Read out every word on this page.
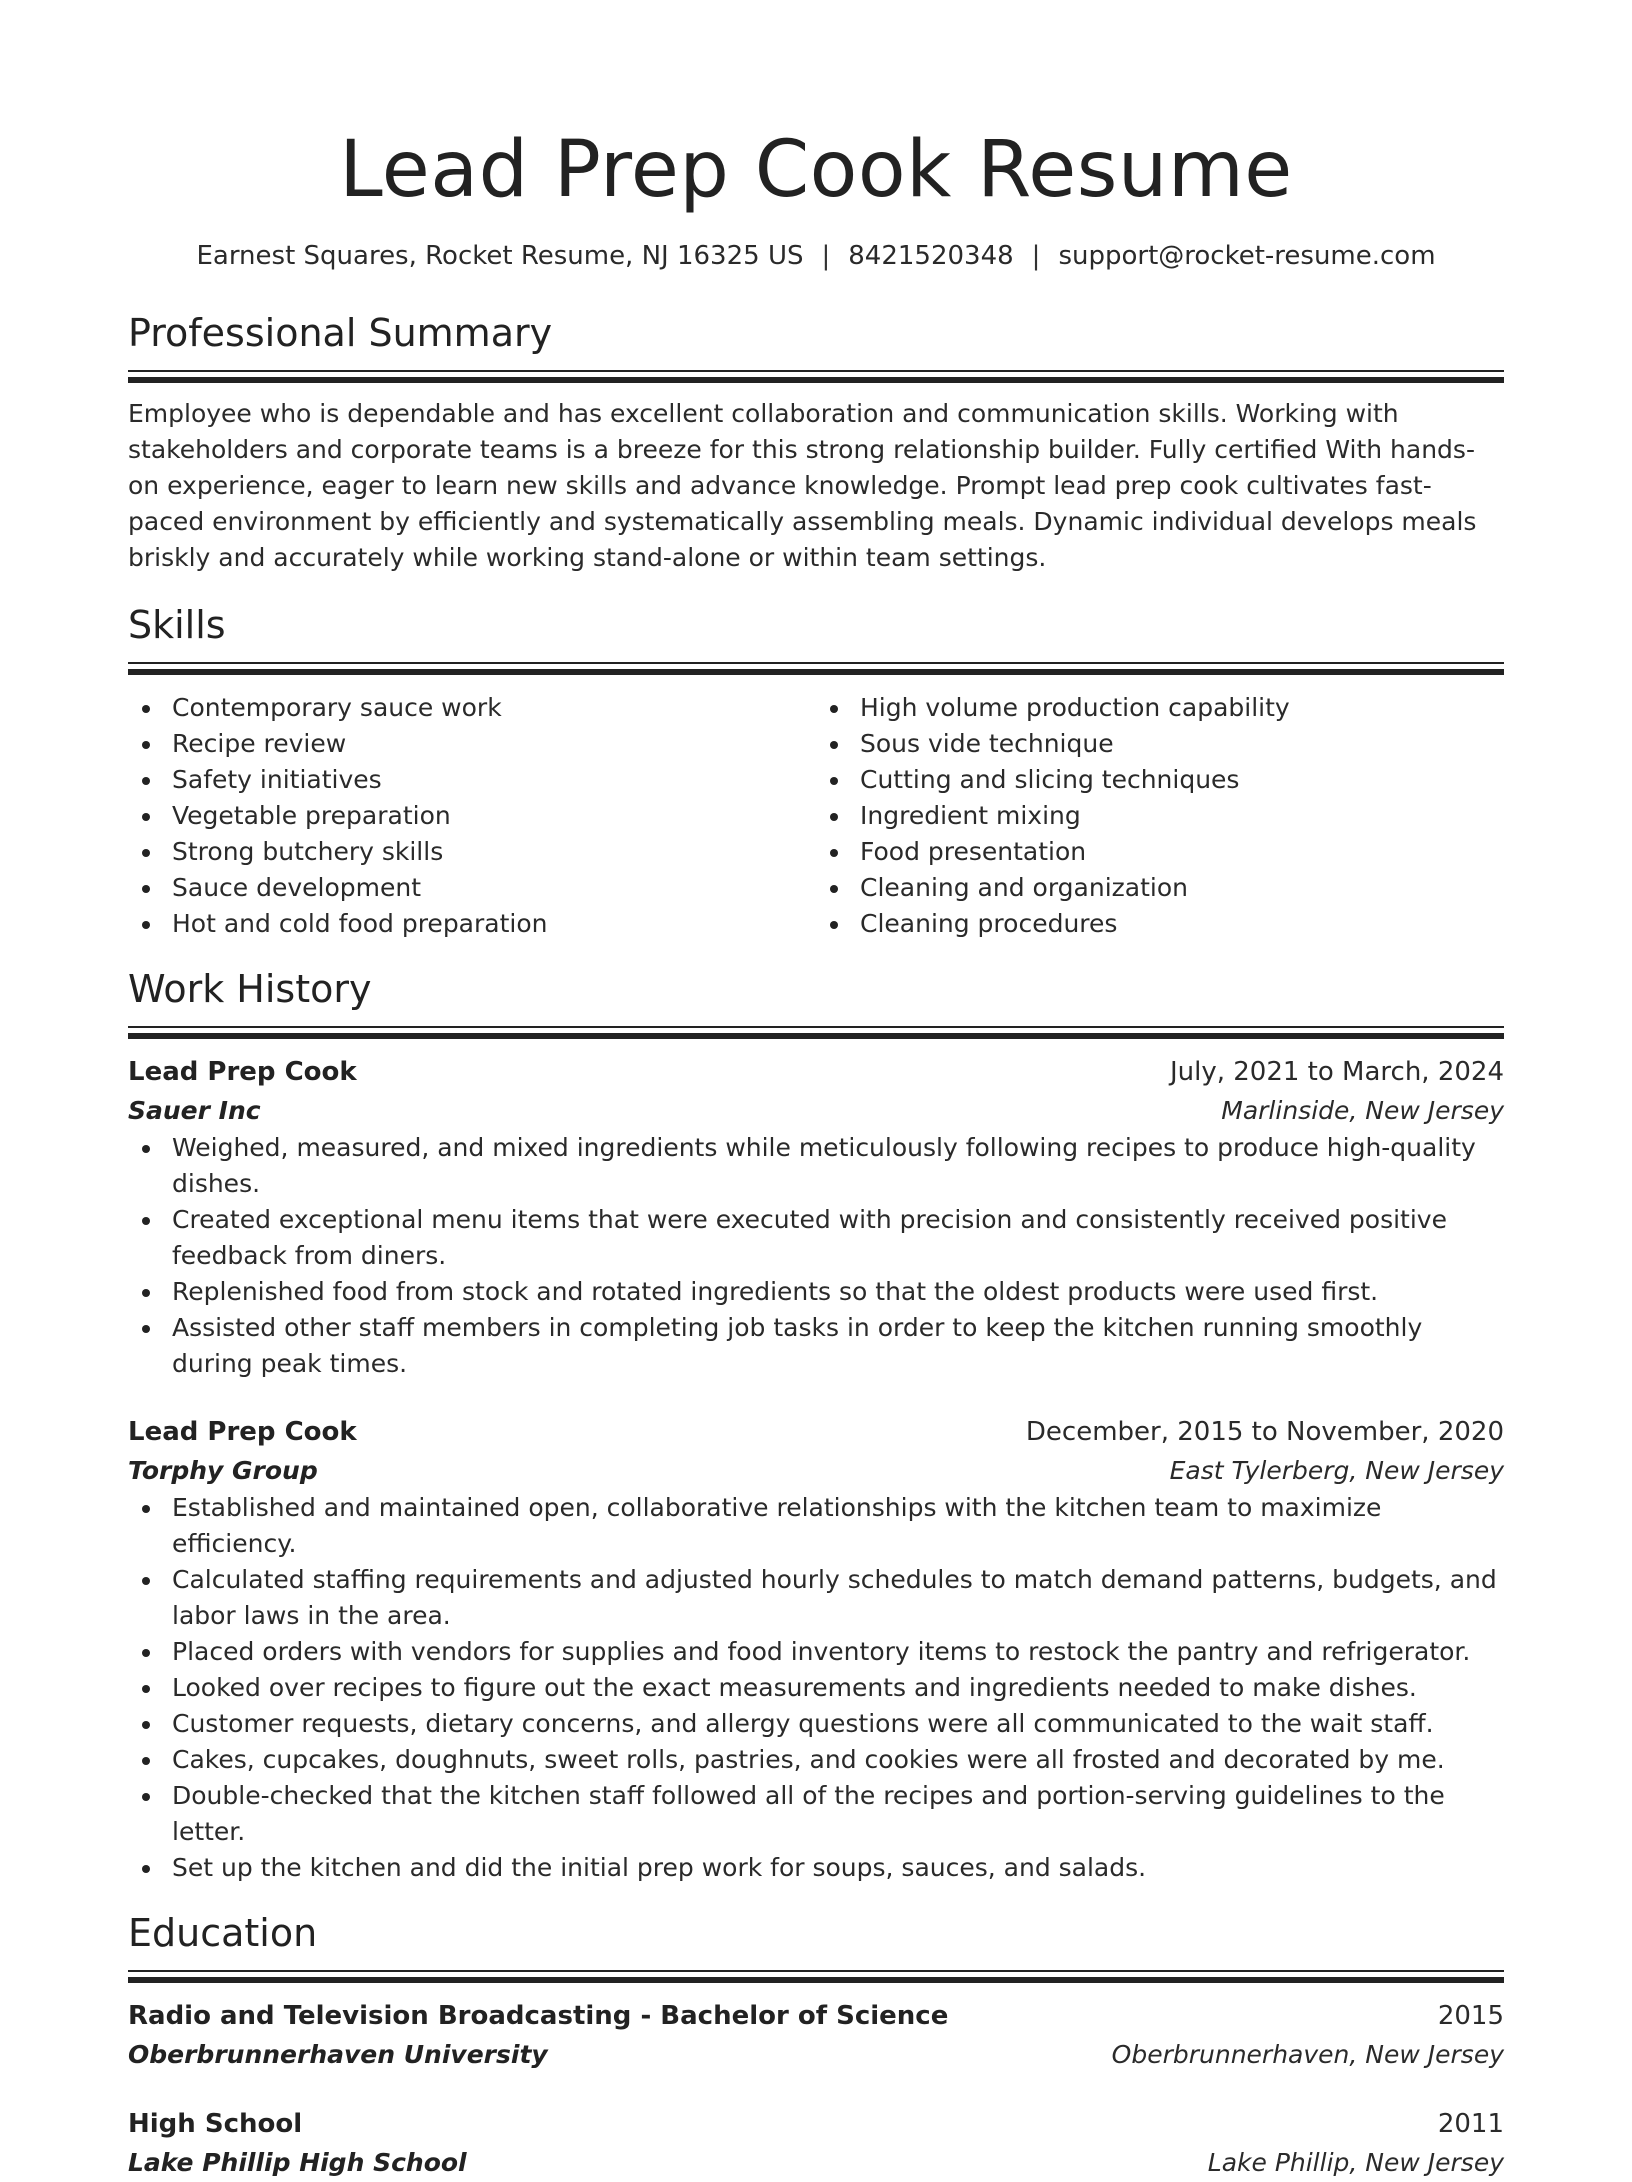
Lead Prep Cook Resume
Earnest Squares, Rocket Resume, NJ 16325 US | 8421520348 | support@rocket-resume.com
Professional Summary

Employee who is dependable and has excellent collaboration and communication skills. Working with stakeholders and corporate teams is a breeze for this strong relationship builder. Fully certified With hands-on experience, eager to learn new skills and advance knowledge. Prompt lead prep cook cultivates fast-paced environment by efficiently and systematically assembling meals. Dynamic individual develops meals briskly and accurately while working stand-alone or within team settings.

Skills
Contemporary sauce work
Recipe review
Safety initiatives
Vegetable preparation
Strong butchery skills
Sauce development
Hot and cold food preparation
High volume production capability
Sous vide technique
Cutting and slicing techniques
Ingredient mixing
Food presentation
Cleaning and organization
Cleaning procedures
Work History
Lead Prep Cook	July, 2021 to March, 2024
Sauer Inc	Marlinside, New Jersey
Weighed, measured, and mixed ingredients while meticulously following recipes to produce high-quality dishes.
Created exceptional menu items that were executed with precision and consistently received positive feedback from diners.
Replenished food from stock and rotated ingredients so that the oldest products were used first.
Assisted other staff members in completing job tasks in order to keep the kitchen running smoothly during peak times.
Lead Prep Cook	December, 2015 to November, 2020
Torphy Group	East Tylerberg, New Jersey
Established and maintained open, collaborative relationships with the kitchen team to maximize efficiency.
Calculated staffing requirements and adjusted hourly schedules to match demand patterns, budgets, and labor laws in the area.
Placed orders with vendors for supplies and food inventory items to restock the pantry and refrigerator.
Looked over recipes to figure out the exact measurements and ingredients needed to make dishes.
Customer requests, dietary concerns, and allergy questions were all communicated to the wait staff.
Cakes, cupcakes, doughnuts, sweet rolls, pastries, and cookies were all frosted and decorated by me.
Double-checked that the kitchen staff followed all of the recipes and portion-serving guidelines to the letter.
Set up the kitchen and did the initial prep work for soups, sauces, and salads.
Education
Radio and Television Broadcasting - Bachelor of Science	2015
Oberbrunnerhaven University	Oberbrunnerhaven, New Jersey
High School	2011
Lake Phillip High School	Lake Phillip, New Jersey
